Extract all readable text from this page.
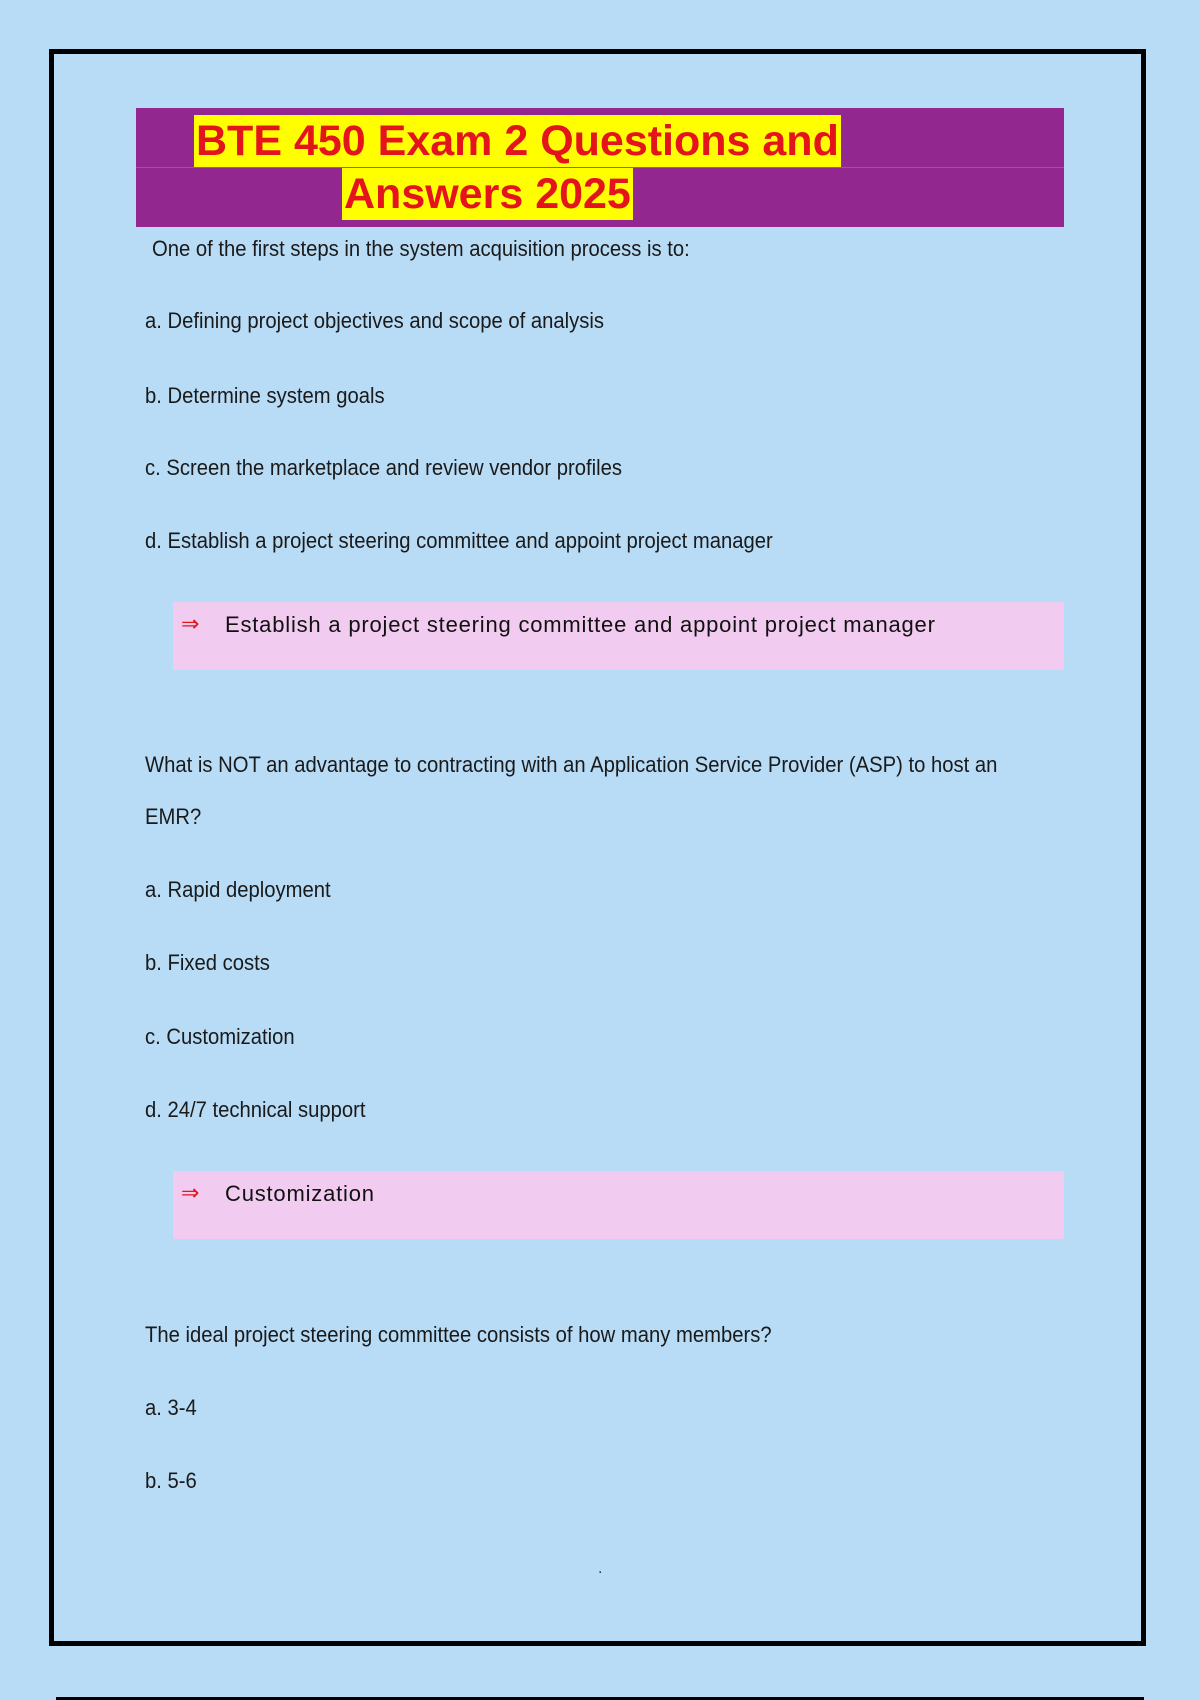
BTE 450 Exam 2 Questions and
Answers 2025

One of the first steps in the system acquisition process is to:

a. Defining project objectives and scope of analysis

b. Determine system goals

c. Screen the marketplace and review vendor profiles

d. Establish a project steering committee and appoint project manager

⇒ Establish a project steering committee and appoint project manager

What is NOT an advantage to contracting with an Application Service Provider (ASP) to host an EMR?

a. Rapid deployment

b. Fixed costs

c. Customization

d. 24/7 technical support

⇒ Customization

The ideal project steering committee consists of how many members?

a. 3-4

b. 5-6

.
